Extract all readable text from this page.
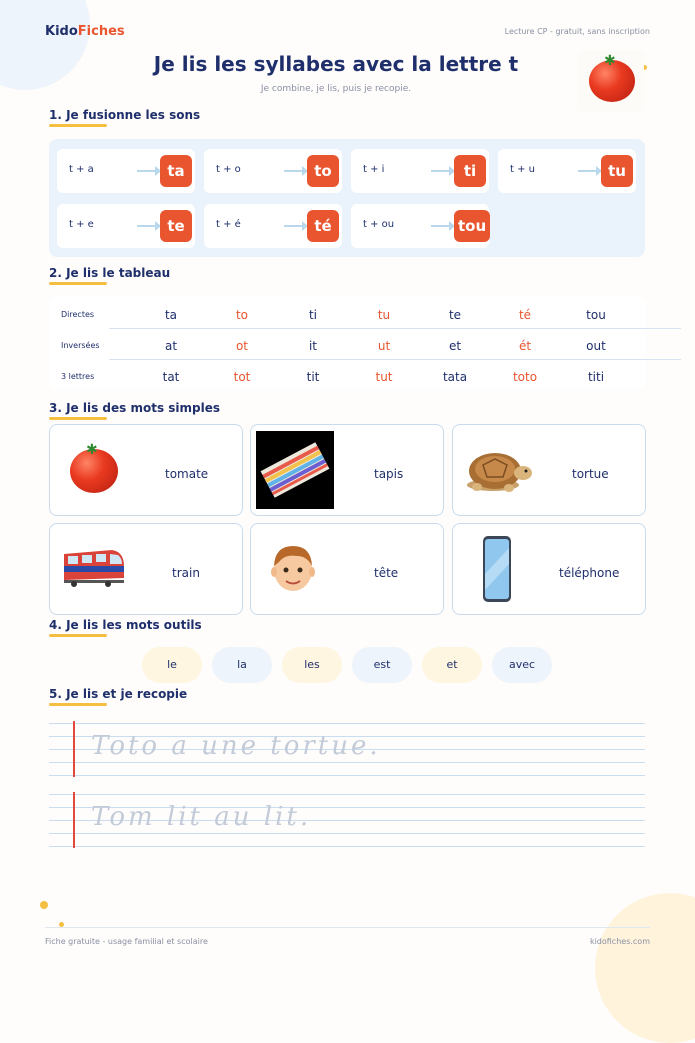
KidoFiches	Lecture CP - gratuit, sans inscription
Je lis les syllabes avec la lettre t
Je combine, je lis, puis je recopie.
✱
1. Je fusionne les sons
t + a	ta	t + o	to	t + i	ti	t + u	tu
t + e	te	t + é	té	t + ou	tou
2. Je lis le tableau
Directes	ta	to	ti	tu	te	té	tou
Inversées	at	ot	it	ut	et	ét	out
3 lettres	tat	tot	tit	tut	tata	toto	titi
3. Je lis des mots simples
✱
tomate	tapis	tortue
train	tête	téléphone
4. Je lis les mots outils
le	la	les	est	et	avec
5. Je lis et je recopie
Toto a une tortue.
Tom lit au lit.
Fiche gratuite - usage familial et scolaire	kidofiches.com
